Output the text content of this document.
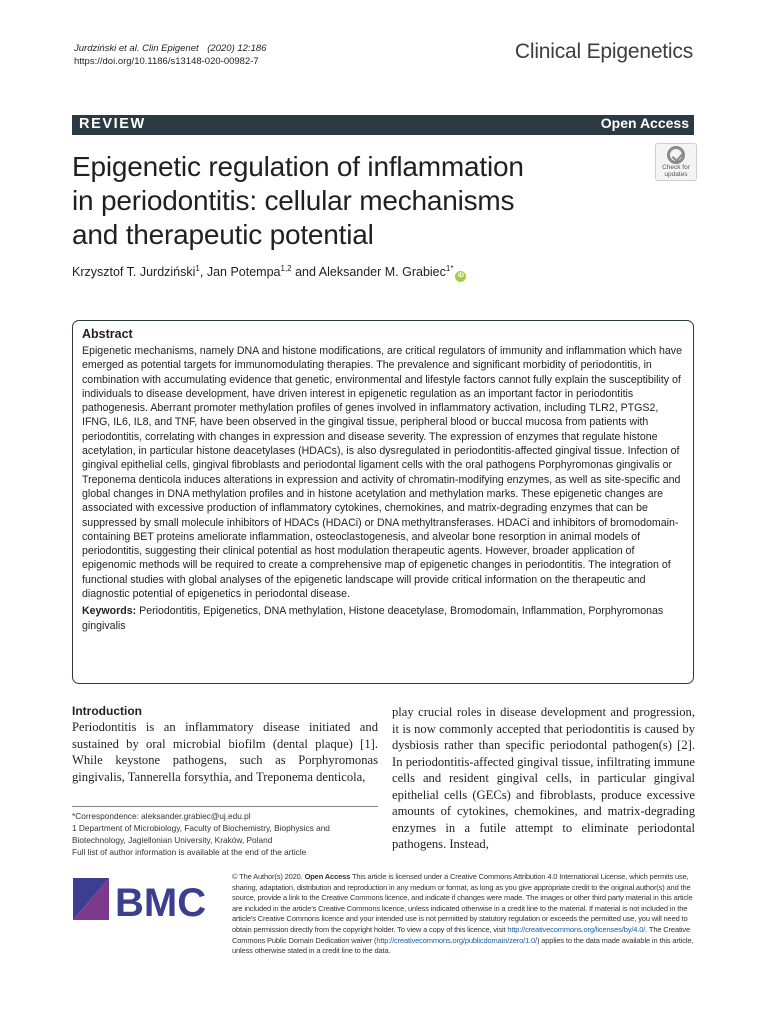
Jurdziński et al. Clin Epigenet (2020) 12:186
https://doi.org/10.1186/s13148-020-00982-7	Clinical Epigenetics
REVIEW	Open Access
Epigenetic regulation of inflammation
in periodontitis: cellular mechanisms
and therapeutic potential
Check for
updates
Krzysztof T. Jurdziński$^1$, Jan Potempa$^{1,2}$ and Aleksander M. Grabiec$^{1*}$iD
Abstract

Epigenetic mechanisms, namely DNA and histone modifications, are critical regulators of immunity and inflammation which have emerged as potential targets for immunomodulating therapies. The prevalence and significant morbidity of periodontitis, in combination with accumulating evidence that genetic, environmental and lifestyle factors cannot fully explain the susceptibility of individuals to disease development, have driven interest in epigenetic regulation as an important factor in periodontitis pathogenesis. Aberrant promoter methylation profiles of genes involved in inflammatory activation, including TLR2, PTGS2, IFNG, IL6, IL8, and TNF, have been observed in the gingival tissue, peripheral blood or buccal mucosa from patients with periodontitis, correlating with changes in expression and disease severity. The expression of enzymes that regulate histone acetylation, in particular histone deacetylases (HDACs), is also dysregulated in periodontitis-affected gingival tissue. Infection of gingival epithelial cells, gingival fibroblasts and periodontal ligament cells with the oral pathogens Porphyromonas gingivalis or Treponema denticola induces alterations in expression and activity of chromatin-modifying enzymes, as well as site-specific and global changes in DNA methylation profiles and in histone acetylation and methylation marks. These epigenetic changes are associated with excessive production of inflammatory cytokines, chemokines, and matrix-degrading enzymes that can be suppressed by small molecule inhibitors of HDACs (HDACi) or DNA methyltransferases. HDACi and inhibitors of bromodomain-containing BET proteins ameliorate inflammation, osteoclastogenesis, and alveolar bone resorption in animal models of periodontitis, suggesting their clinical potential as host modulation therapeutic agents. However, broader application of epigenomic methods will be required to create a comprehensive map of epigenetic changes in periodontitis. The integration of functional studies with global analyses of the epigenetic landscape will provide critical information on the therapeutic and diagnostic potential of epigenetics in periodontal disease.

Keywords: Periodontitis, Epigenetics, DNA methylation, Histone deacetylase, Bromodomain, Inflammation, Porphyromonas gingivalis

Introduction

Periodontitis is an inflammatory disease initiated and sustained by oral microbial biofilm (dental plaque) [1]. While keystone pathogens, such as Porphyromonas gingivalis, Tannerella forsythia, and Treponema denticola,

play crucial roles in disease development and progression, it is now commonly accepted that periodontitis is caused by dysbiosis rather than specific periodontal pathogen(s) [2]. In periodontitis-affected gingival tissue, infiltrating immune cells and resident gingival cells, in particular gingival epithelial cells (GECs) and fibroblasts, produce excessive amounts of cytokines, chemokines, and matrix-degrading enzymes in a futile attempt to eliminate periodontal pathogens. Instead,

*Correspondence: aleksander.grabiec@uj.edu.pl
1 Department of Microbiology, Faculty of Biochemistry, Biophysics and Biotechnology, Jagiellonian University, Kraków, Poland
Full list of author information is available at the end of the article
BMC
© The Author(s) 2020. Open Access This article is licensed under a Creative Commons Attribution 4.0 International License, which permits use, sharing, adaptation, distribution and reproduction in any medium or format, as long as you give appropriate credit to the original author(s) and the source, provide a link to the Creative Commons licence, and indicate if changes were made. The images or other third party material in this article are included in the article's Creative Commons licence, unless indicated otherwise in a credit line to the material. If material is not included in the article's Creative Commons licence and your intended use is not permitted by statutory regulation or exceeds the permitted use, you will need to obtain permission directly from the copyright holder. To view a copy of this licence, visit http://creativecommons.org/licenses/by/4.0/. The Creative Commons Public Domain Dedication waiver (http://creativecommons.org/publicdomain/zero/1.0/) applies to the data made available in this article, unless otherwise stated in a credit line to the data.
